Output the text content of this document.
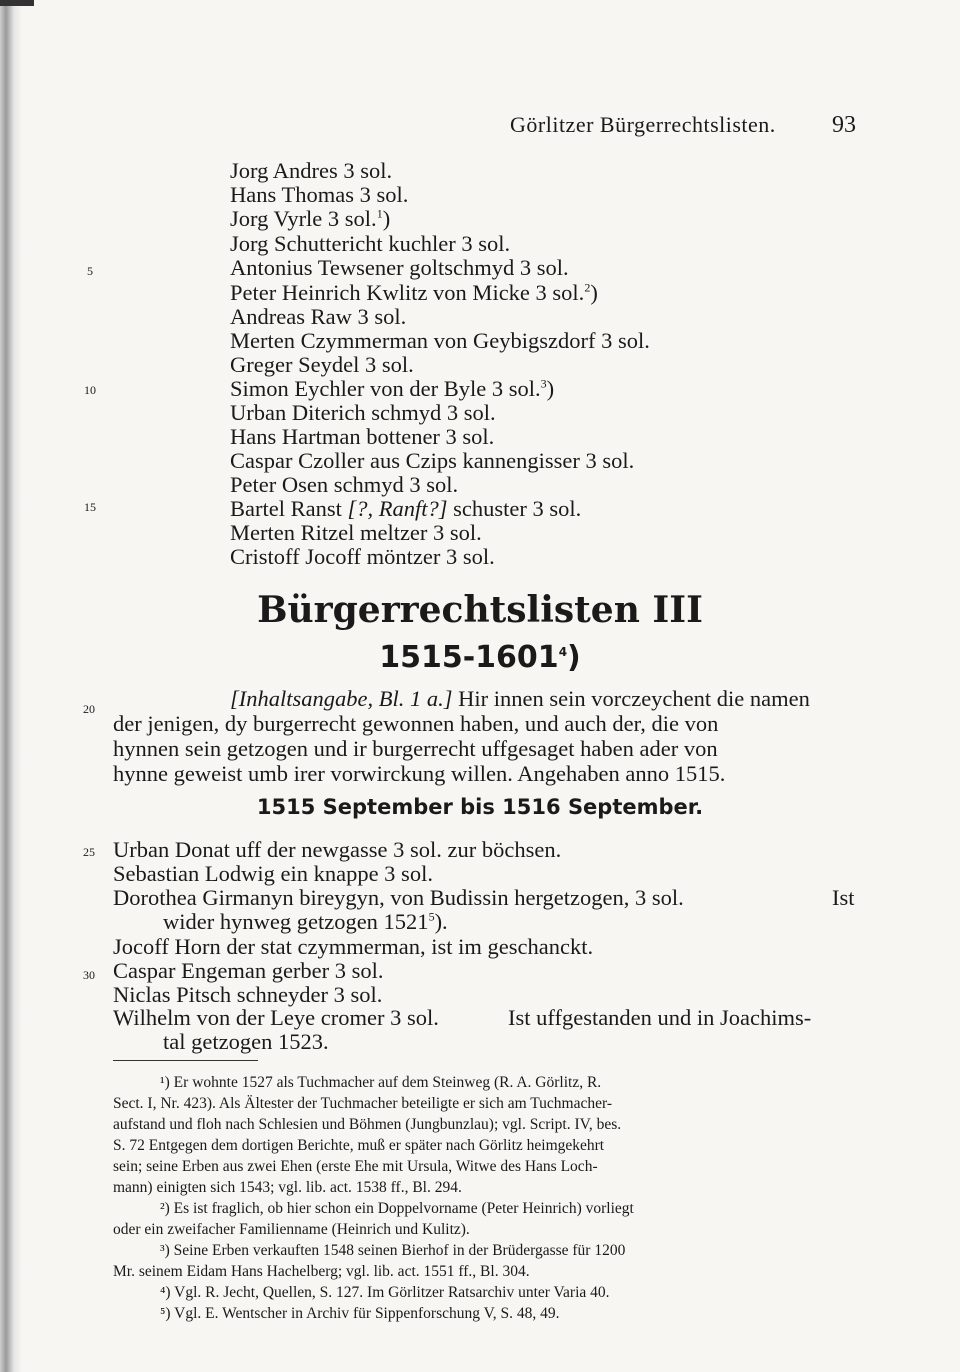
Görlitzer Bürgerrechtslisten. 93
5
10
15
20
25
30
Jorg Andres 3 sol.
Hans Thomas 3 sol.
Jorg Vyrle 3 sol.$^1$)
Jorg Schuttericht kuchler 3 sol.
Antonius Tewsener goltschmyd 3 sol.
Peter Heinrich Kwlitz von Micke 3 sol.$^2$)
Andreas Raw 3 sol.
Merten Czymmerman von Geybigszdorf 3 sol.
Greger Seydel 3 sol.
Simon Eychler von der Byle 3 sol.$^3$)
Urban Diterich schmyd 3 sol.
Hans Hartman bottener 3 sol.
Caspar Czoller aus Czips kannengisser 3 sol.
Peter Osen schmyd 3 sol.
Bartel Ranst [?, Ranft?] schuster 3 sol.
Merten Ritzel meltzer 3 sol.
Cristoff Jocoff möntzer 3 sol.
Bürgerrechtslisten III
1515-1601$^4$)
[Inhaltsangabe, Bl. 1 a.] Hir innen sein vorczeychent die namen
der jenigen, dy burgerrecht gewonnen haben, und auch der, die von
hynnen sein getzogen und ir burgerrecht uffgesaget haben ader von
hynne geweist umb irer vorwirckung willen. Angehaben anno 1515.
1515 September bis 1516 September.
Urban Donat uff der newgasse 3 sol. zur böchsen.
Sebastian Lodwig ein knappe 3 sol.
Dorothea Girmanyn bireygyn, von Budissin hergetzogen, 3 sol.	Ist
wider hynweg getzogen 1521$^5$).
Jocoff Horn der stat czymmerman, ist im geschanckt.
Caspar Engeman gerber 3 sol.
Niclas Pitsch schneyder 3 sol.
Wilhelm von der Leye cromer 3 sol.	Ist uffgestanden und in Joachims-
tal getzogen 1523.
¹) Er wohnte 1527 als Tuchmacher auf dem Steinweg (R. A. Görlitz, R.
Sect. I, Nr. 423). Als Ältester der Tuchmacher beteiligte er sich am Tuchmacher-
aufstand und floh nach Schlesien und Böhmen (Jungbunzlau); vgl. Script. IV, bes.
S. 72 Entgegen dem dortigen Berichte, muß er später nach Görlitz heimgekehrt
sein; seine Erben aus zwei Ehen (erste Ehe mit Ursula, Witwe des Hans Loch-
mann) einigten sich 1543; vgl. lib. act. 1538 ff., Bl. 294.
²) Es ist fraglich, ob hier schon ein Doppelvorname (Peter Heinrich) vorliegt
oder ein zweifacher Familienname (Heinrich und Kulitz).
³) Seine Erben verkauften 1548 seinen Bierhof in der Brüdergasse für 1200
Mr. seinem Eidam Hans Hachelberg; vgl. lib. act. 1551 ff., Bl. 304.
⁴) Vgl. R. Jecht, Quellen, S. 127. Im Görlitzer Ratsarchiv unter Varia 40.
⁵) Vgl. E. Wentscher in Archiv für Sippenforschung V, S. 48, 49.
